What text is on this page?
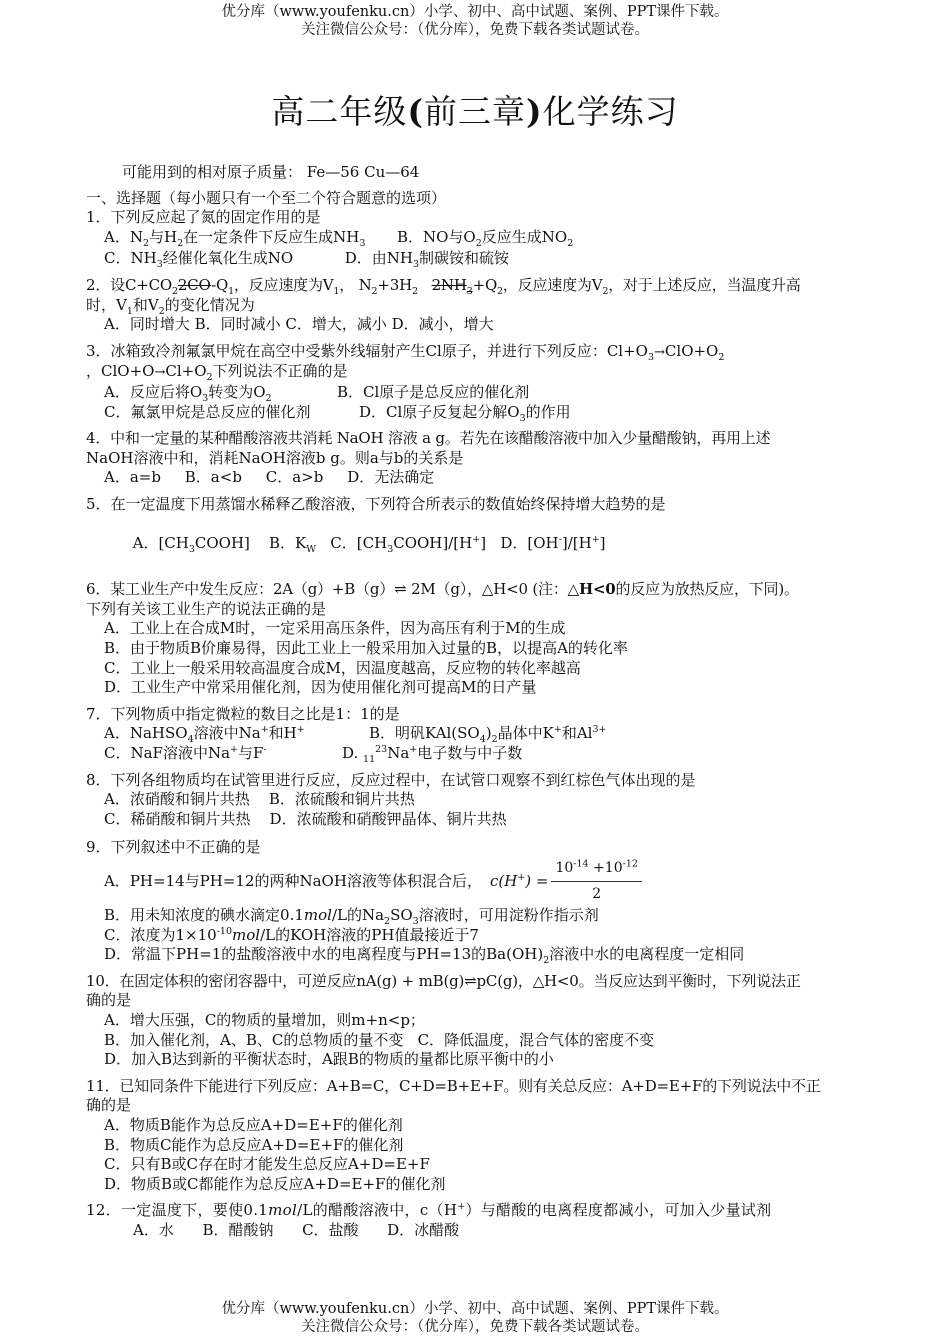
优分库（www.youfenku.cn）小学、初中、高中试题、案例、PPT课件下载。
关注微信公众号：（优分库），免费下载各类试题试卷。
高二年级(前三章)化学练习
可能用到的相对原子质量： Fe—56 Cu—64
一、选择题（每小题只有一个至二个符合题意的选项）
1．下列反应起了氮的固定作用的是
A．$N_2$与$H_2$在一定条件下反应生成$NH_3$ B．NO与$O_2$反应生成$NO_2$
C．$NH_3$经催化氧化生成NO	D．由$NH_3$制碳铵和硫铵
2．设$C+CO_22CO-Q_1$，反应速度为$V_1$， $N_2+3H_2$ $2NH_3+Q_2$，反应速度为$V_2$，对于上述反应，当温度升高
时，$V_1$和$V_2$的变化情况为
A．同时增大 B．同时减小 C．增大，减小 D．减小，增大
3．冰箱致冷剂氟氯甲烷在高空中受紫外线辐射产生Cl原子，并进行下列反应：$Cl+O_3\to ClO+O_2$
，$ClO+O\to Cl+O_2$下列说法不正确的是
A．反应后将$O_3$转变为$O_2$	B．Cl原子是总反应的催化剂
C．氟氯甲烷是总反应的催化剂	D．Cl原子反复起分解$O_3$的作用
4．中和一定量的某种醋酸溶液共消耗 NaOH 溶液 a g。若先在该醋酸溶液中加入少量醋酸钠，再用上述
NaOH溶液中和，消耗NaOH溶液b g。则a与b的关系是
A．a=b     B．a<b     C．a>b     D．无法确定
5．在一定温度下用蒸馏水稀释乙酸溶液，下列符合所表示的数值始终保持增大趋势的是

A．$[CH_3COOH]$    B．$K_W$   C．$[CH_3COOH]/[H^+]$   D．[OH-]/[H+]

6．某工业生产中发生反应：2A（g）+B（g）⇌ 2M（g），△H<0 (注：△H<0的反应为放热反应，下同)。
下列有关该工业生产的说法正确的是
A．工业上在合成M时，一定采用高压条件，因为高压有利于M的生成
B．由于物质B价廉易得，因此工业上一般采用加入过量的B，以提高A的转化率
C．工业上一般采用较高温度合成M，因温度越高，反应物的转化率越高
D．工业生产中常采用催化剂，因为使用催化剂可提高M的日产量
7．下列物质中指定微粒的数目之比是1：1的是
A．NaHSO$_4$溶液中Na+和H+	B．明矾$KAl(SO_4)_2$晶体中K+和$Al^{3+}$
C．NaF溶液中Na+与F-	D. $_{11}^{23}$Na+电子数与中子数
8．下列各组物质均在试管里进行反应，反应过程中，在试管口观察不到红棕色气体出现的是
A．浓硝酸和铜片共热    B．浓硫酸和铜片共热
C．稀硝酸和铜片共热    D．浓硫酸和硝酸钾晶体、铜片共热
9．下列叙述中不正确的是
A．PH=14与PH=12的两种NaOH溶液等体积混合后， $c(H^+) = \frac{10^{-14} +10^{-12}}{2}$
B．用未知浓度的碘水滴定0.1mol/L的$Na_2SO_3$溶液时，可用淀粉作指示剂
C．浓度为$1\times 10^{-10}mol/L$的KOH溶液的PH值最接近于7
D．常温下PH=1的盐酸溶液中水的电离程度与PH=13的$Ba(OH)_2$溶液中水的电离程度一定相同
10．在固定体积的密闭容器中，可逆反应nA(g) + mB(g)⇌pC(g)，△H<0。当反应达到平衡时，下列说法正
确的是
A．增大压强，C的物质的量增加，则m+n<p；
B．加入催化剂，A、B、C的总物质的量不变   C．降低温度，混合气体的密度不变
D．加入B达到新的平衡状态时，A跟B的物质的量都比原平衡中的小
11．已知同条件下能进行下列反应：A+B=C，C+D=B+E+F。则有关总反应：A+D=E+F的下列说法中不正
确的是
A．物质B能作为总反应A+D=E+F的催化剂
B．物质C能作为总反应A+D=E+F的催化剂
C．只有B或C存在时才能发生总反应A+D=E+F
D．物质B或C都能作为总反应A+D=E+F的催化剂
12．一定温度下，要使0.1mol/L的醋酸溶液中，c（H+）与醋酸的电离程度都减小，可加入少量试剂
A．水      B．醋酸钠      C．盐酸      D．冰醋酸
优分库（www.youfenku.cn）小学、初中、高中试题、案例、PPT课件下载。
关注微信公众号：（优分库），免费下载各类试题试卷。
